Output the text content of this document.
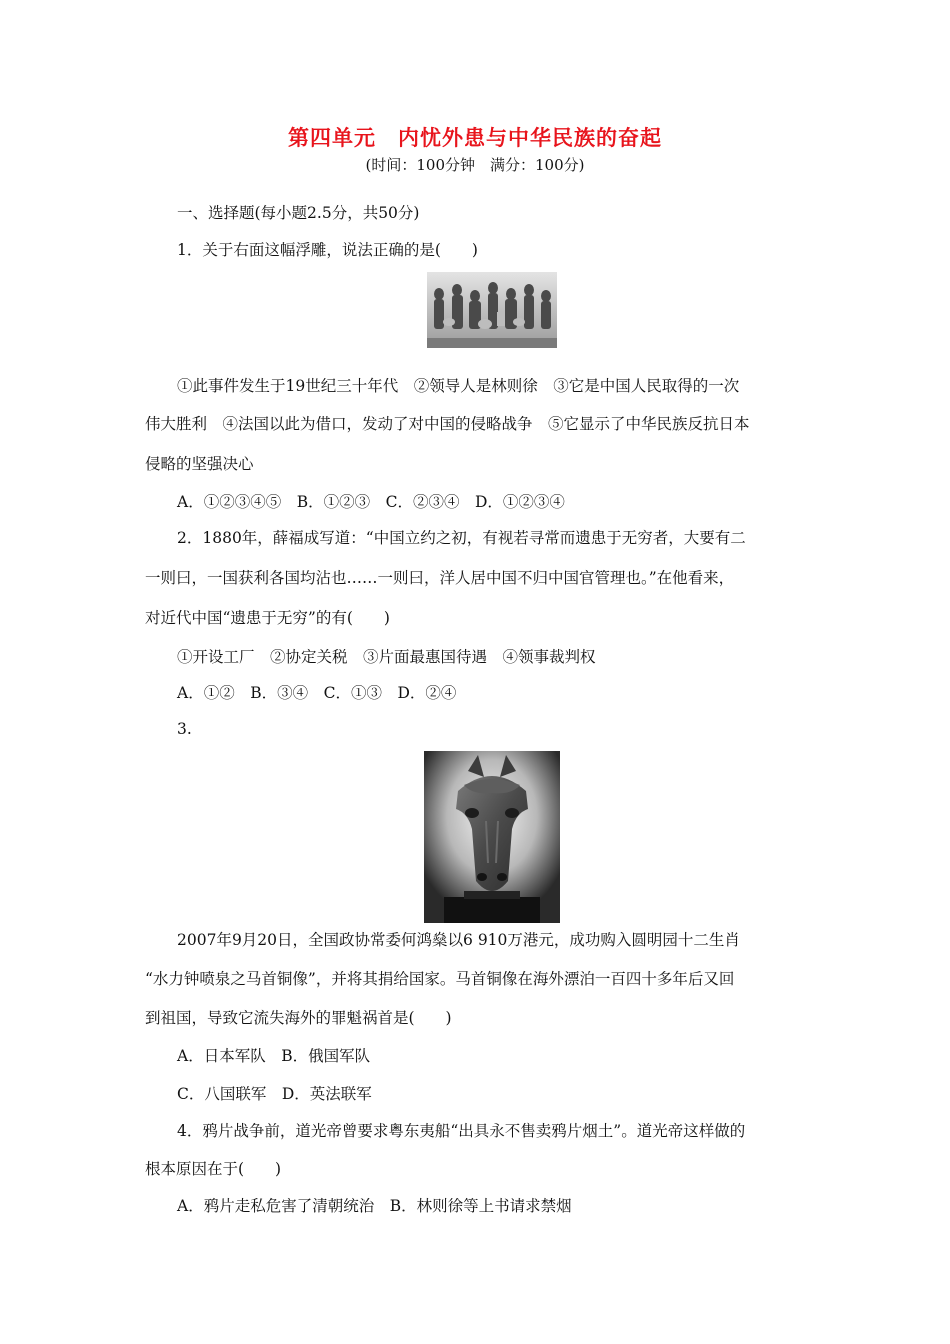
第四单元　内忧外患与中华民族的奋起
(时间：100分钟　满分：100分)
一、选择题(每小题2.5分，共50分)
1．关于右面这幅浮雕，说法正确的是(　　)
①此事件发生于19世纪三十年代　②领导人是林则徐　③它是中国人民取得的一次
伟大胜利　④法国以此为借口，发动了对中国的侵略战争　⑤它显示了中华民族反抗日本
侵略的坚强决心
A．①②③④⑤　B．①②③　C．②③④　D．①②③④
2．1880年，薛福成写道：“中国立约之初，有视若寻常而遗患于无穷者，大要有二
一则曰，一国获利各国均沾也……一则曰，洋人居中国不归中国官管理也。”在他看来，
对近代中国“遗患于无穷”的有(　　)
①开设工厂　②协定关税　③片面最惠国待遇　④领事裁判权
A．①②　B．③④　C．①③　D．②④
3.
2007年9月20日，全国政协常委何鸿燊以6 910万港元，成功购入圆明园十二生肖
“水力钟喷泉之马首铜像”，并将其捐给国家。马首铜像在海外漂泊一百四十多年后又回
到祖国，导致它流失海外的罪魁祸首是(　　)
A．日本军队　B．俄国军队
C．八国联军　D．英法联军
4．鸦片战争前，道光帝曾要求粤东夷船“出具永不售卖鸦片烟土”。道光帝这样做的
根本原因在于(　　)
A．鸦片走私危害了清朝统治　B．林则徐等上书请求禁烟
